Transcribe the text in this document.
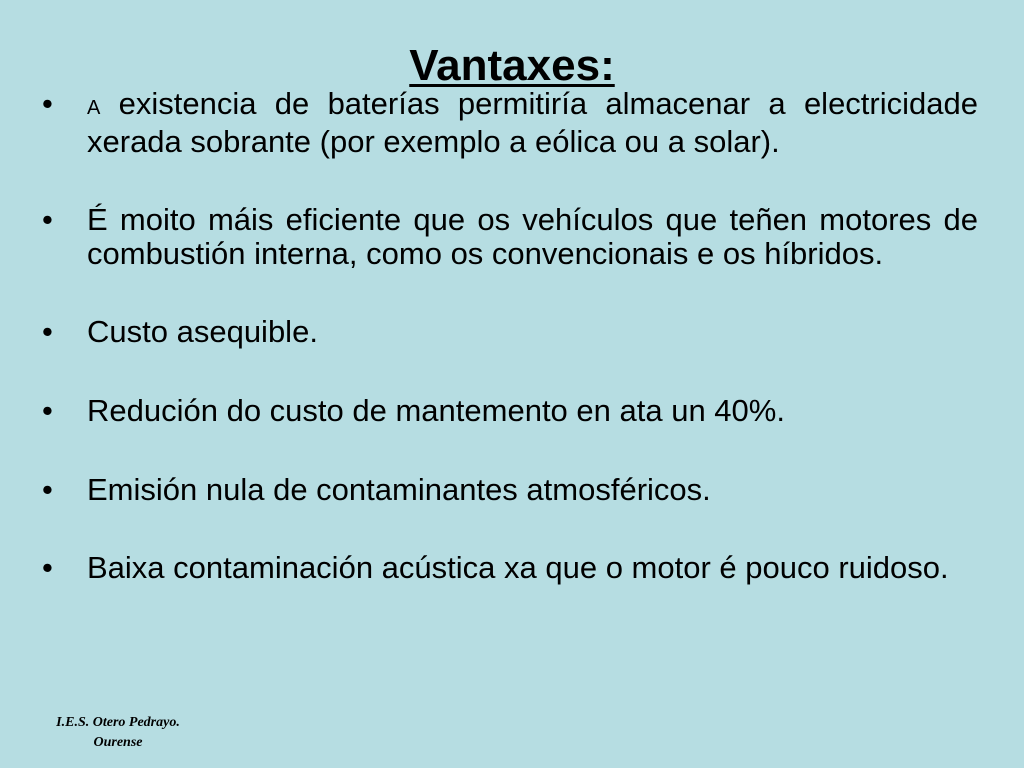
Vantaxes:
•	A existencia de baterías permitiría almacenar a electricidade xerada sobrante (por exemplo a eólica ou a solar).
• É moito máis eficiente que os vehículos que teñen motores de combustión interna, como os convencionais e os híbridos.
• Custo asequible.
• Redución do custo de mantemento en ata un 40%.
• Emisión nula de contaminantes atmosféricos.
• Baixa contaminación acústica xa que o motor é pouco ruidoso.
I.E.S. Otero Pedrayo.
Ourense
